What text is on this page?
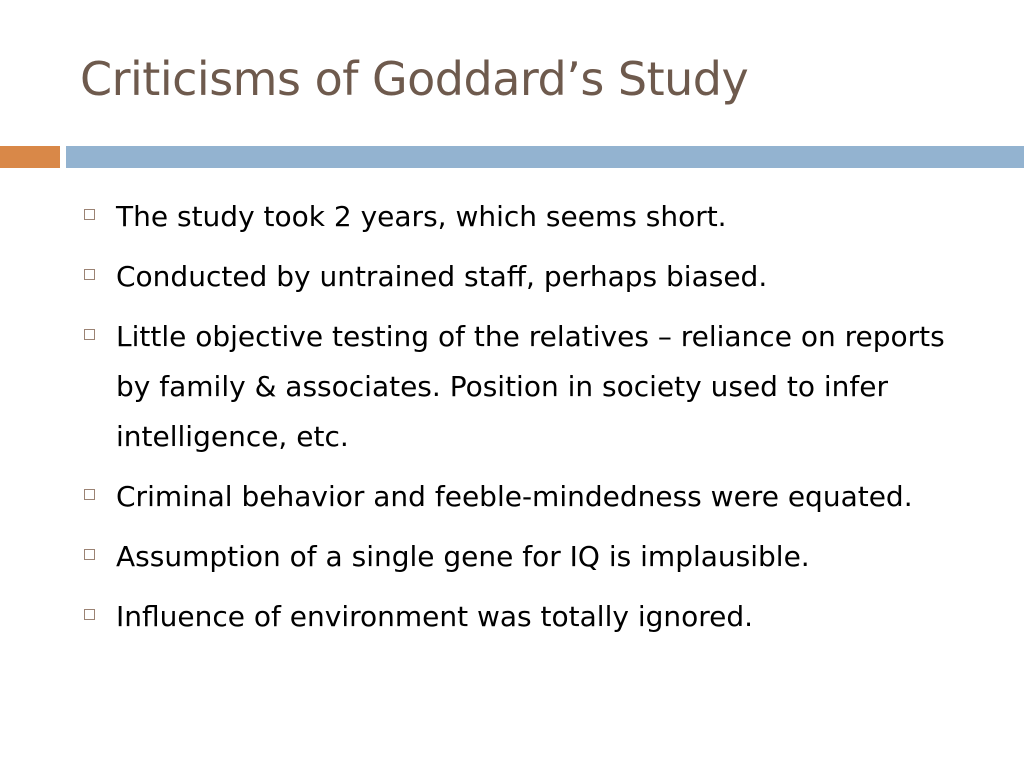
Criticisms of Goddard’s Study
The study took 2 years, which seems short.
Conducted by untrained staff, perhaps biased.
Little objective testing of the relatives – reliance on reports by family & associates. Position in society used to infer intelligence, etc.
Criminal behavior and feeble-mindedness were equated.
Assumption of a single gene for IQ is implausible.
Influence of environment was totally ignored.
